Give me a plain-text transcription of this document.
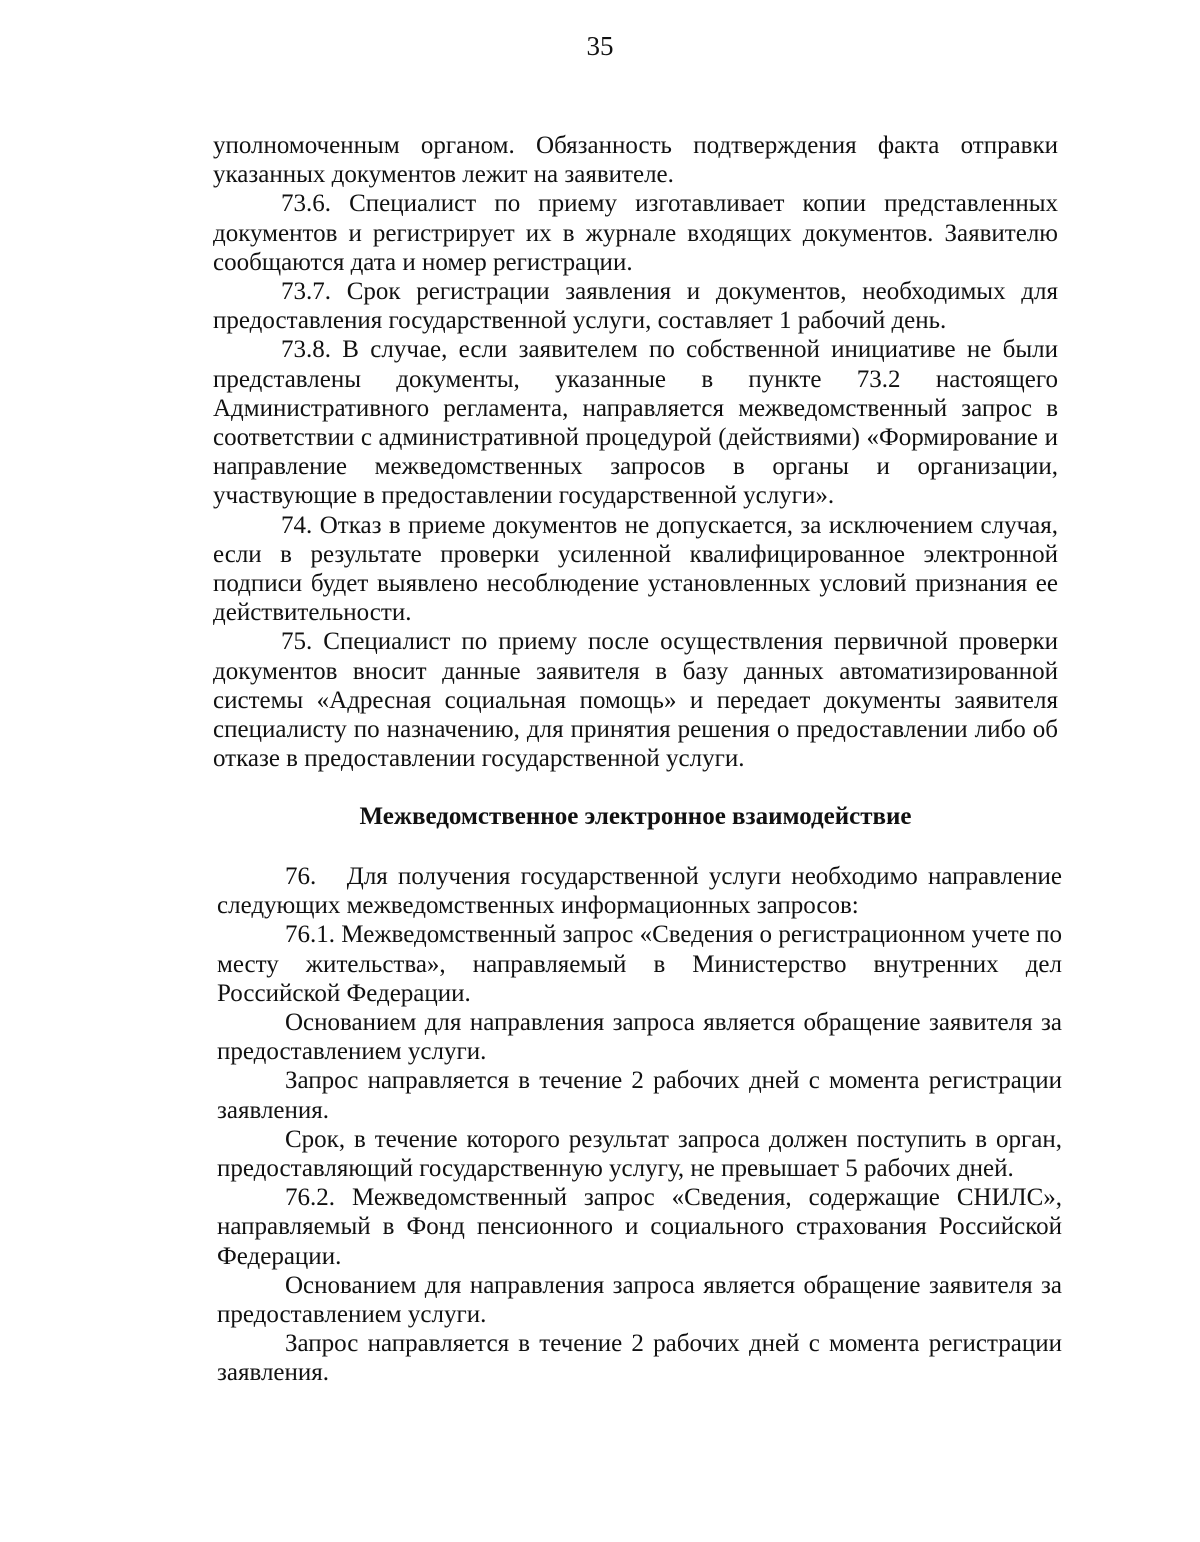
35

уполномоченным органом. Обязанность подтверждения факта отправки указанных документов лежит на заявителе.

73.6. Специалист по приему изготавливает копии представленных документов и регистрирует их в журнале входящих документов. Заявителю сообщаются дата и номер регистрации.

73.7. Срок регистрации заявления и документов, необходимых для предоставления государственной услуги, составляет 1 рабочий день.

73.8. В случае, если заявителем по собственной инициативе не были представлены документы, указанные в пункте 73.2 настоящего Административного регламента, направляется межведомственный запрос в соответствии с административной процедурой (действиями) «Формирование и направление межведомственных запросов в органы и организации, участвующие в предоставлении государственной услуги».

74. Отказ в приеме документов не допускается, за исключением случая, если в результате проверки усиленной квалифицированное электронной подписи будет выявлено несоблюдение установленных условий признания ее действительности.

75. Специалист по приему после осуществления первичной проверки документов вносит данные заявителя в базу данных автоматизированной системы «Адресная социальная помощь» и передает документы заявителя специалисту по назначению, для принятия решения о предоставлении либо об отказе в предоставлении государственной услуги.

Межведомственное электронное взаимодействие

76.   Для получения государственной услуги необходимо направление следующих межведомственных информационных запросов:

76.1. Межведомственный запрос «Сведения о регистрационном учете по месту жительства», направляемый в Министерство внутренних дел Российской Федерации.

Основанием для направления запроса является обращение заявителя за предоставлением услуги.

Запрос направляется в течение 2 рабочих дней с момента регистрации заявления.

Срок, в течение которого результат запроса должен поступить в орган, предоставляющий государственную услугу, не превышает 5 рабочих дней.

76.2. Межведомственный запрос «Сведения, содержащие СНИЛС», направляемый в Фонд пенсионного и социального страхования Российской Федерации.

Основанием для направления запроса является обращение заявителя за предоставлением услуги.

Запрос направляется в течение 2 рабочих дней с момента регистрации заявления.
